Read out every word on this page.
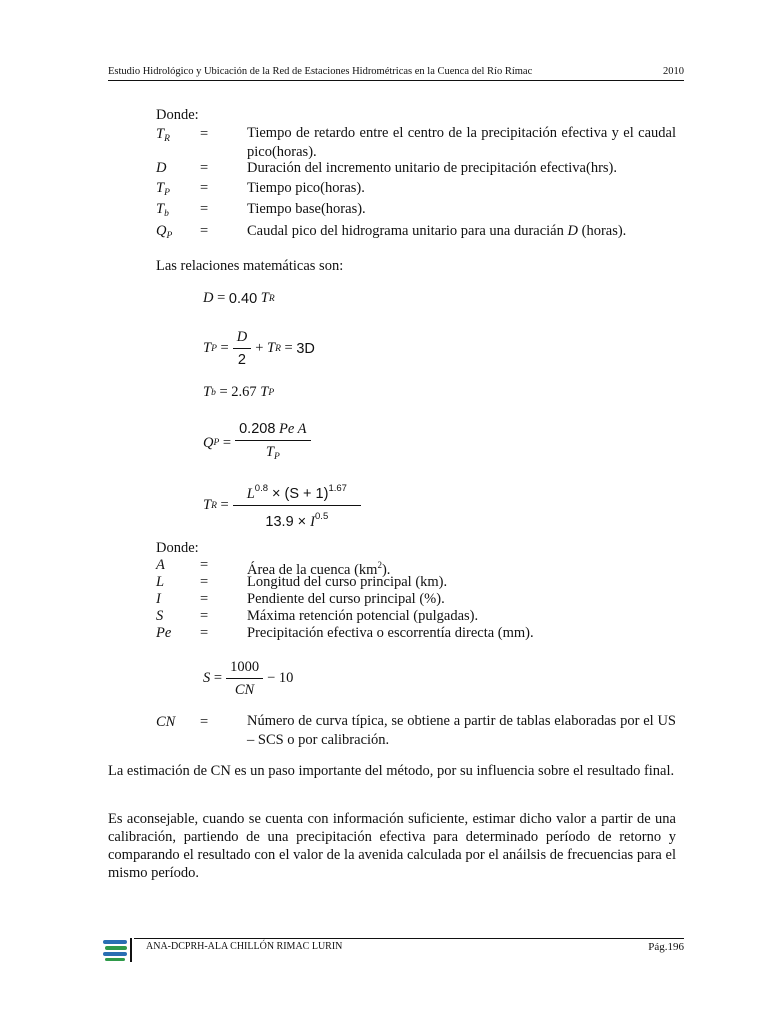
Estudio Hidrológico y Ubicación de la Red de Estaciones Hidrométricas en la Cuenca del Río Rímac	2010
Donde:
$T_R$ =	Tiempo de retardo entre el centro de la precipitación efectiva y el caudal pico(horas).
D =	Duración del incremento unitario de precipitación efectiva(hrs).
$T_P$ =	Tiempo pico(horas).
$T_b$ =	Tiempo base(horas).
$Q_P$ =	Caudal pico del hidrograma unitario para una duracián D (horas).
Las relaciones matemáticas son:
D
=
0.40
T R
T P
= $\frac{D}{2}$ +
T R
=
3D
T b
=
2.67
T P
Q P
= $\frac{\text{0.208 Pe A}}{T_P}$
T R
= $\frac{L^{0.8} \times (S + 1)^{1.67}}{13.9 \times I^{0.5}}$
Donde:
A =	Área de la cuenca $(km^2)$.
L =	Longitud del curso principal (km).
I	=	Pendiente del curso principal (%).
S	=	Máxima retención potencial (pulgadas).
Pe =	Precipitación efectiva o escorrentía directa (mm).
S
= $\frac{1000}{CN} - 10$
CN =	Número de curva típica, se obtiene a partir de tablas elaboradas por el US – SCS o por calibración.
La estimación de CN es un paso importante del método, por su influencia sobre el resultado final.
Es aconsejable, cuando se cuenta con información suficiente, estimar dicho valor a partir de una calibración, partiendo de una precipitación efectiva para determinado período de retorno y comparando el resultado con el valor de la avenida calculada por el anáilsis de frecuencias para el mismo período.
ANA-DCPRH-ALA CHILLÓN RIMAC LURIN	Pág.196
